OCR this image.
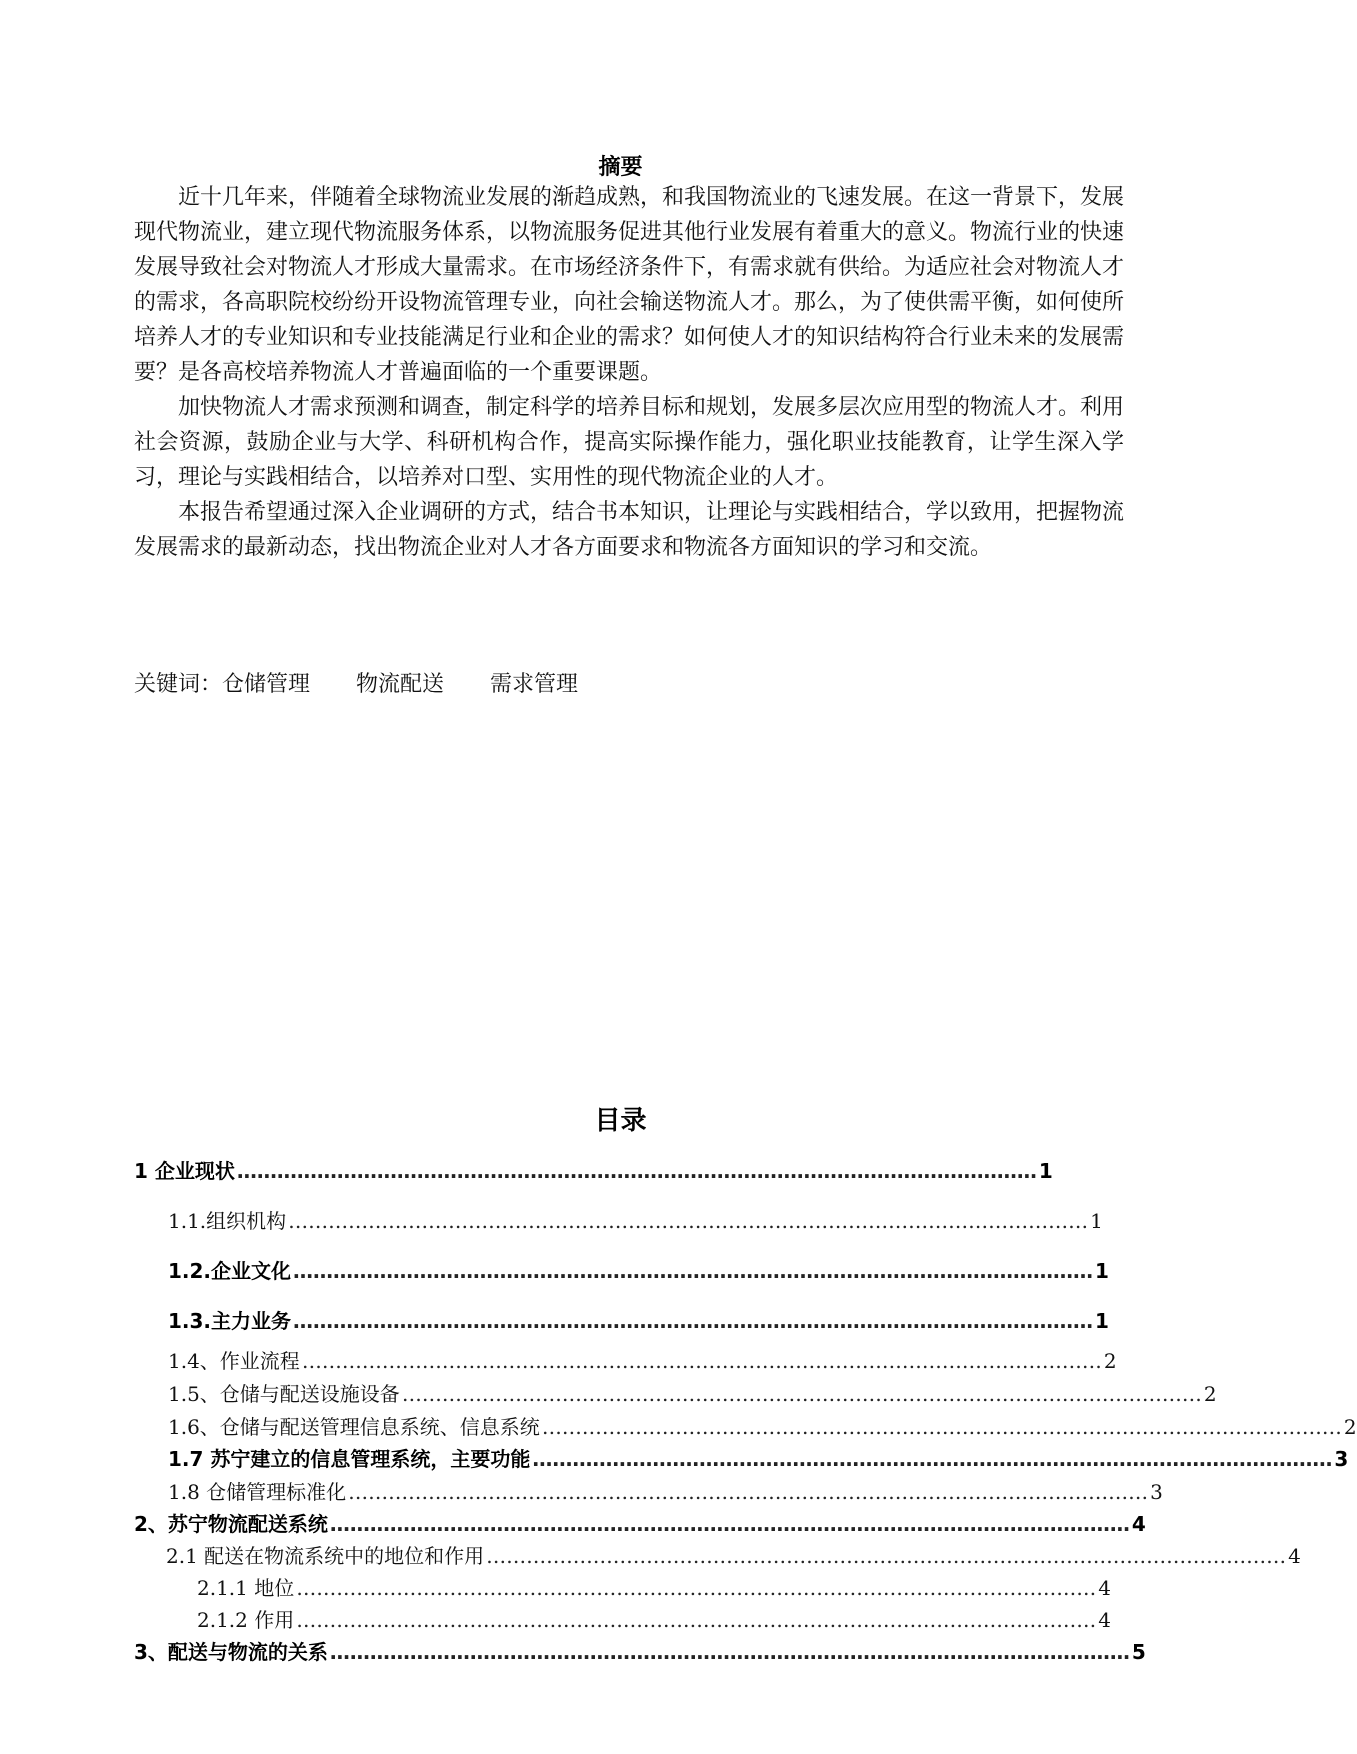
摘要

近十几年来，伴随着全球物流业发展的渐趋成熟，和我国物流业的飞速发展。在这一背景下，发展现代物流业，建立现代物流服务体系，以物流服务促进其他行业发展有着重大的意义。物流行业的快速发展导致社会对物流人才形成大量需求。在市场经济条件下，有需求就有供给。为适应社会对物流人才的需求，各高职院校纷纷开设物流管理专业，向社会输送物流人才。那么，为了使供需平衡，如何使所培养人才的专业知识和专业技能满足行业和企业的需求？如何使人才的知识结构符合行业未来的发展需要？是各高校培养物流人才普遍面临的一个重要课题。

加快物流人才需求预测和调查，制定科学的培养目标和规划，发展多层次应用型的物流人才。利用社会资源，鼓励企业与大学、科研机构合作，提高实际操作能力，强化职业技能教育，让学生深入学习，理论与实践相结合，以培养对口型、实用性的现代物流企业的人才。

本报告希望通过深入企业调研的方式，结合书本知识，让理论与实践相结合，学以致用，把握物流发展需求的最新动态，找出物流企业对人才各方面要求和物流各方面知识的学习和交流。

关键词：仓储管理 物流配送 需求管理
目录
1 企业现状 ………………………………………………………………………………………………………… 1
1.1.组织机构 ………………………………………………………………………………………………………… 1
1.2.企业文化 ………………………………………………………………………………………………………… 1
1.3.主力业务 ………………………………………………………………………………………………………… 1
1.4、作业流程 ………………………………………………………………………………………………………… 2
1.5、仓储与配送设施设备 ………………………………………………………………………………………………………… 2
1.6、仓储与配送管理信息系统、信息系统 ………………………………………………………………………………………………………… 2
1.7 苏宁建立的信息管理系统，主要功能 ………………………………………………………………………………………………………… 3
1.8 仓储管理标准化 ………………………………………………………………………………………………………… 3
2、苏宁物流配送系统 ………………………………………………………………………………………………………… 4
2.1 配送在物流系统中的地位和作用 ………………………………………………………………………………………………………… 4
2.1.1 地位 ………………………………………………………………………………………………………… 4
2.1.2 作用 ………………………………………………………………………………………………………… 4
3、配送与物流的关系 ………………………………………………………………………………………………………… 5
